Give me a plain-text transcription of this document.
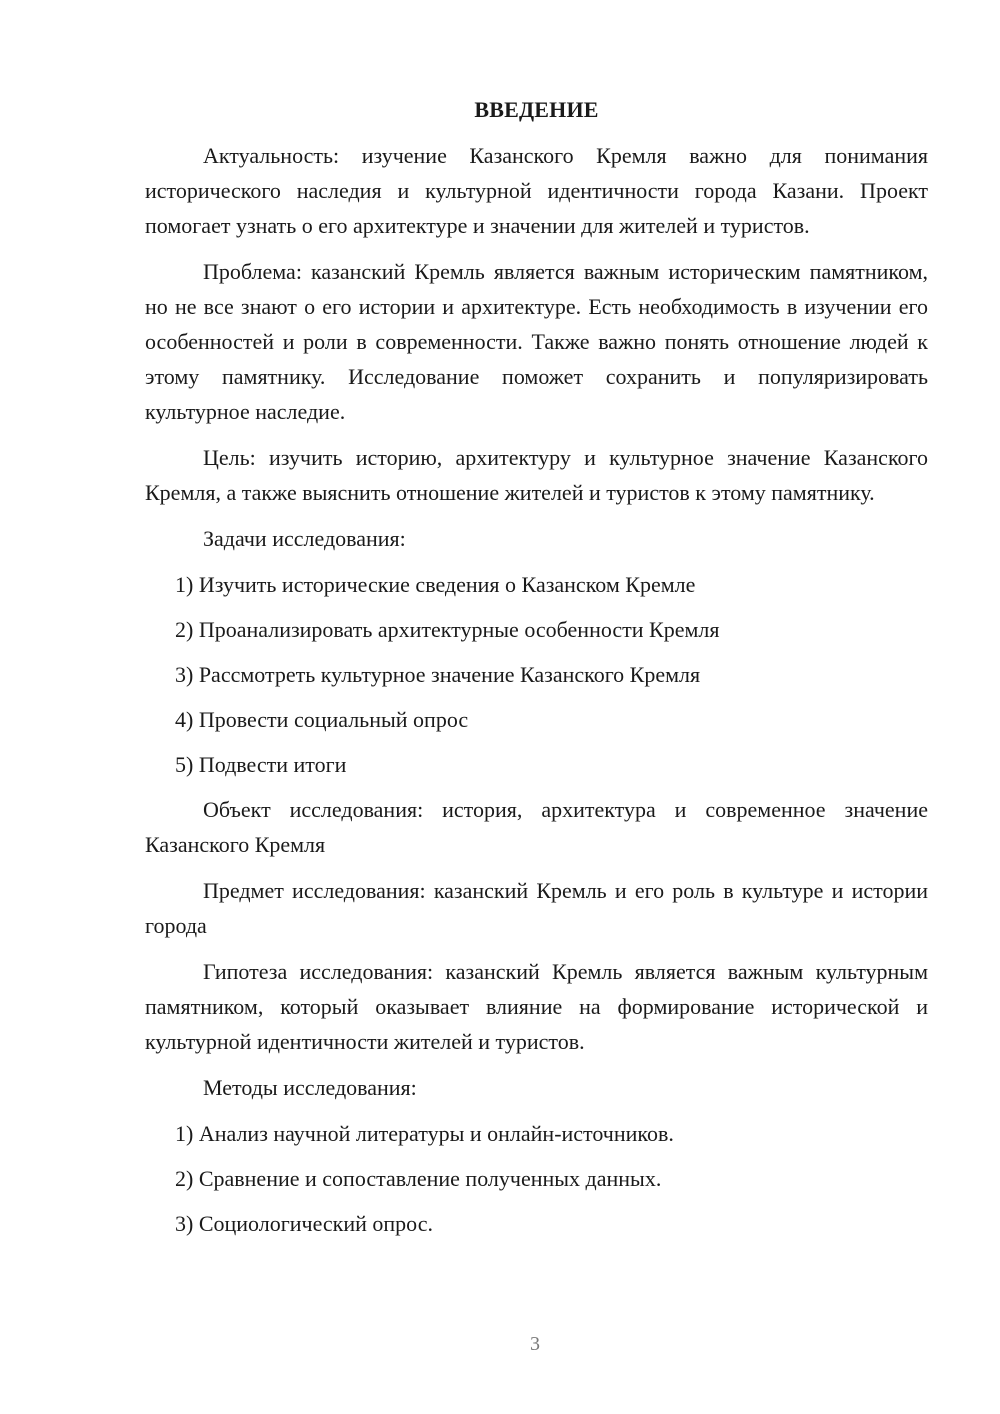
ВВЕДЕНИЕ

Актуальность: изучение Казанского Кремля важно для понимания исторического наследия и культурной идентичности города Казани. Проект помогает узнать о его архитектуре и значении для жителей и туристов.

Проблема: казанский Кремль является важным историческим памятником, но не все знают о его истории и архитектуре. Есть необходимость в изучении его особенностей и роли в современности. Также важно понять отношение людей к этому памятнику. Исследование поможет сохранить и популяризировать культурное наследие.

Цель: изучить историю, архитектуру и культурное значение Казанского Кремля, а также выяснить отношение жителей и туристов к этому памятнику.

Задачи исследования:

1) Изучить исторические сведения о Казанском Кремле

2) Проанализировать архитектурные особенности Кремля

3) Рассмотреть культурное значение Казанского Кремля

4) Провести социальный опрос

5) Подвести итоги

Объект исследования: история, архитектура и современное значение Казанского Кремля

Предмет исследования: казанский Кремль и его роль в культуре и истории города

Гипотеза исследования: казанский Кремль является важным культурным памятником, который оказывает влияние на формирование исторической и культурной идентичности жителей и туристов.

Методы исследования:

1) Анализ научной литературы и онлайн-источников.

2) Сравнение и сопоставление полученных данных.

3) Социологический опрос.

3
